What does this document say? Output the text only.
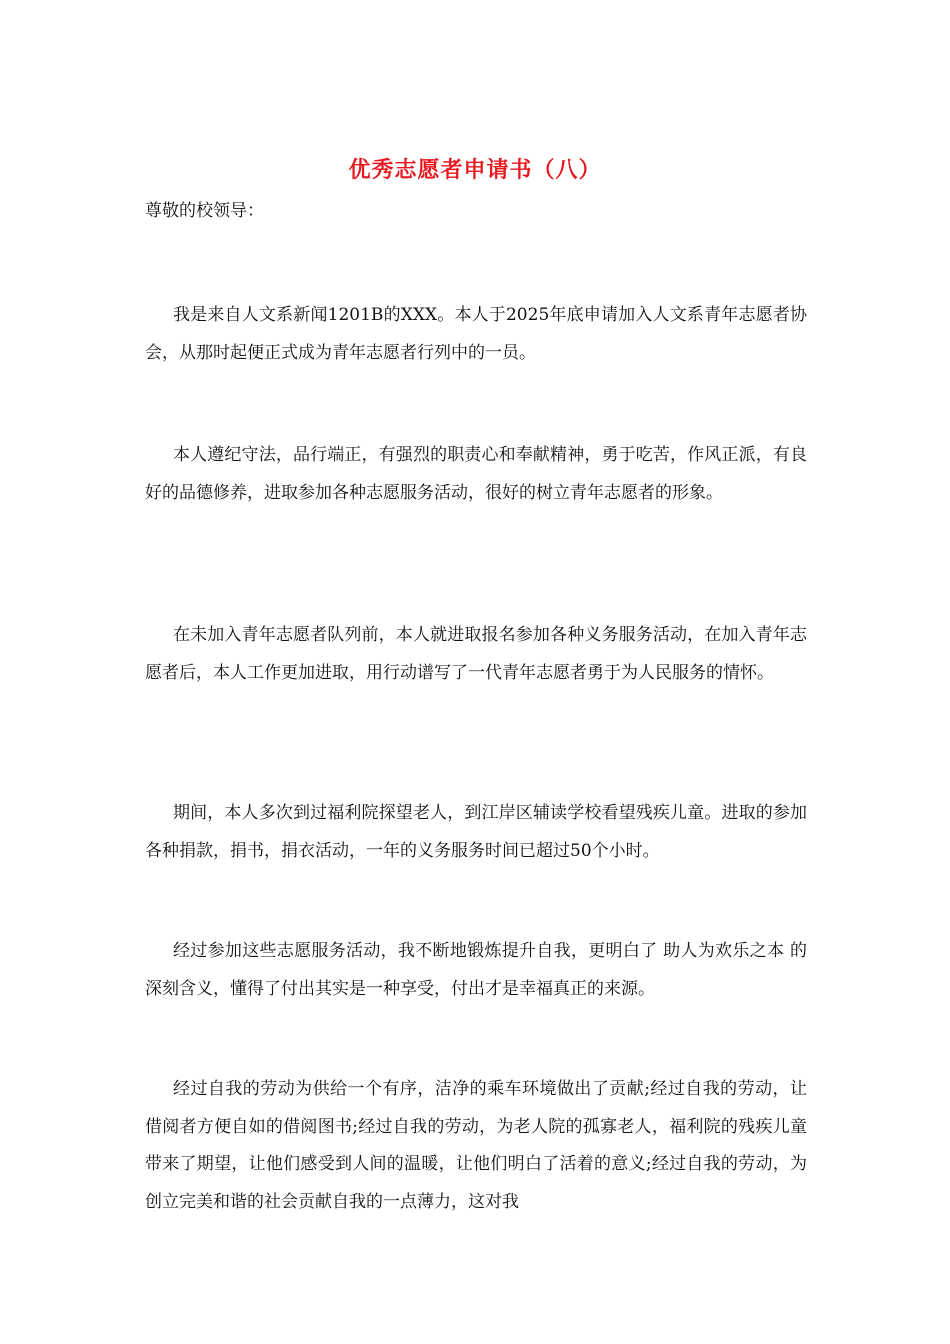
优秀志愿者申请书（八）

尊敬的校领导：

我是来自人文系新闻1201B的XXX。本人于2025年底申请加入人文系青年志愿者协会，从那时起便正式成为青年志愿者行列中的一员。

本人遵纪守法，品行端正，有强烈的职责心和奉献精神，勇于吃苦，作风正派，有良好的品德修养，进取参加各种志愿服务活动，很好的树立青年志愿者的形象。

在未加入青年志愿者队列前，本人就进取报名参加各种义务服务活动，在加入青年志愿者后，本人工作更加进取，用行动谱写了一代青年志愿者勇于为人民服务的情怀。

期间，本人多次到过福利院探望老人，到江岸区辅读学校看望残疾儿童。进取的参加各种捐款，捐书，捐衣活动，一年的义务服务时间已超过50个小时。

经过参加这些志愿服务活动，我不断地锻炼提升自我，更明白了 助人为欢乐之本 的深刻含义，懂得了付出其实是一种享受，付出才是幸福真正的来源。

经过自我的劳动为供给一个有序，洁净的乘车环境做出了贡献;经过自我的劳动，让借阅者方便自如的借阅图书;经过自我的劳动，为老人院的孤寡老人，福利院的残疾儿童带来了期望，让他们感受到人间的温暖，让他们明白了活着的意义;经过自我的劳动，为创立完美和谐的社会贡献自我的一点薄力，这对我
